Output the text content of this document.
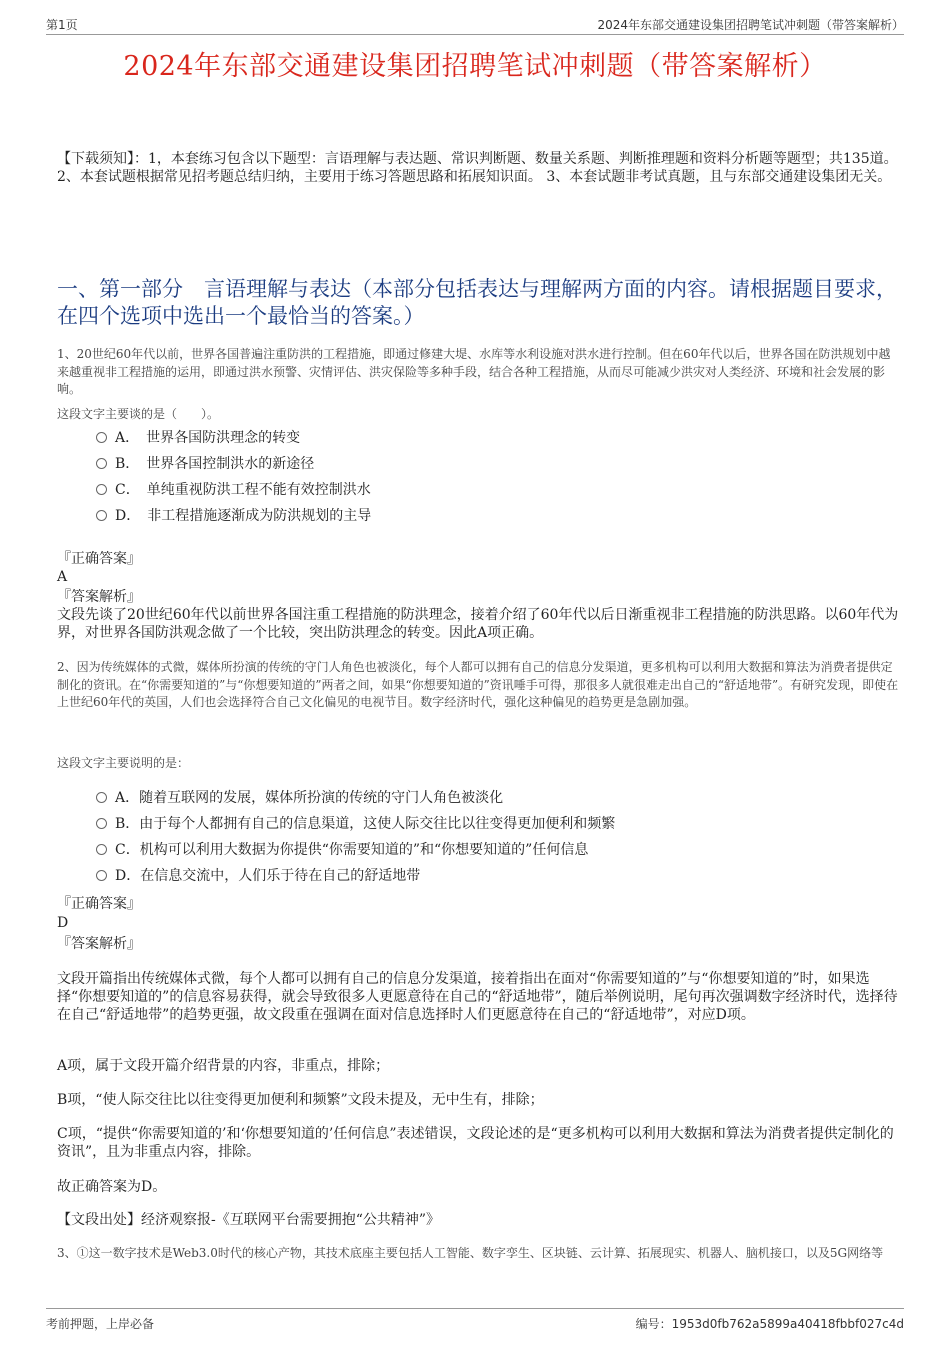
第1页	2024年东部交通建设集团招聘笔试冲刺题（带答案解析）
2024年东部交通建设集团招聘笔试冲刺题（带答案解析）
【下载须知】：1，本套练习包含以下题型：言语理解与表达题、常识判断题、数量关系题、判断推理题和资料分析题等题型；共135道。 2、本套试题根据常见招考题总结归纳，主要用于练习答题思路和拓展知识面。 3、本套试题非考试真题，且与东部交通建设集团无关。
一、第一部分　言语理解与表达（本部分包括表达与理解两方面的内容。请根据题目要求，在四个选项中选出一个最恰当的答案。）
1、20世纪60年代以前，世界各国普遍注重防洪的工程措施，即通过修建大堤、水库等水利设施对洪水进行控制。但在60年代以后，世界各国在防洪规划中越来越重视非工程措施的运用，即通过洪水预警、灾情评估、洪灾保险等多种手段，结合各种工程措施，从而尽可能减少洪灾对人类经济、环境和社会发展的影响。
这段文字主要谈的是（　　）。
A．　世界各国防洪理念的转变
B．　世界各国控制洪水的新途径
C．　单纯重视防洪工程不能有效控制洪水
D．　非工程措施逐渐成为防洪规划的主导
『正确答案』
A
『答案解析』
文段先谈了20世纪60年代以前世界各国注重工程措施的防洪理念，接着介绍了60年代以后日渐重视非工程措施的防洪思路。以60年代为界，对世界各国防洪观念做了一个比较，突出防洪理念的转变。因此A项正确。
2、因为传统媒体的式微，媒体所扮演的传统的守门人角色也被淡化，每个人都可以拥有自己的信息分发渠道，更多机构可以利用大数据和算法为消费者提供定制化的资讯。在“你需要知道的”与“你想要知道的”两者之间，如果“你想要知道的”资讯唾手可得，那很多人就很难走出自己的“舒适地带”。有研究发现，即使在上世纪60年代的英国，人们也会选择符合自己文化偏见的电视节目。数字经济时代，强化这种偏见的趋势更是急剧加强。
这段文字主要说明的是：
A．随着互联网的发展，媒体所扮演的传统的守门人角色被淡化
B．由于每个人都拥有自己的信息渠道，这使人际交往比以往变得更加便利和频繁
C．机构可以利用大数据为你提供“你需要知道的”和“你想要知道的”任何信息
D．在信息交流中，人们乐于待在自己的舒适地带
『正确答案』
D
『答案解析』
文段开篇指出传统媒体式微，每个人都可以拥有自己的信息分发渠道，接着指出在面对“你需要知道的”与“你想要知道的”时，如果选择“你想要知道的”的信息容易获得，就会导致很多人更愿意待在自己的“舒适地带”，随后举例说明，尾句再次强调数字经济时代，选择待在自己“舒适地带”的趋势更强，故文段重在强调在面对信息选择时人们更愿意待在自己的“舒适地带”，对应D项。
A项，属于文段开篇介绍背景的内容，非重点，排除；
B项，“使人际交往比以往变得更加便利和频繁”文段未提及，无中生有，排除；
C项，“提供“你需要知道的’和‘你想要知道的’任何信息”表述错误，文段论述的是“更多机构可以利用大数据和算法为消费者提供定制化的资讯”，且为非重点内容，排除。
故正确答案为D。
【文段出处】经济观察报-《互联网平台需要拥抱“公共精神”》
3、①这一数字技术是Web3.0时代的核心产物，其技术底座主要包括人工智能、数字孪生、区块链、云计算、拓展现实、机器人、脑机接口，以及5G网络等
考前押题，上岸必备	编号：1953d0fb762a5899a40418fbbf027c4d
